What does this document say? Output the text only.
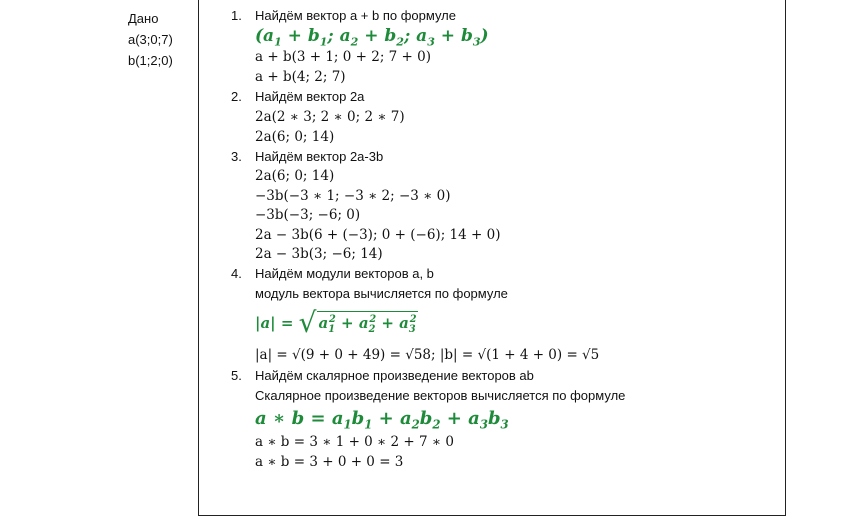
Дано
a(3;0;7)
b(1;2;0)
1. Найдём вектор a + b по формуле
($a_1 + b_1$; $a_2 + b_2$; $a_3 + b_3$)
a + b(3 + 1; 0 + 2; 7 + 0)
a + b(4; 2; 7)
2. Найдём вектор 2a
2a(2 ∗ 3; 2 ∗ 0; 2 ∗ 7)
2a(6; 0; 14)
3. Найдём вектор 2a-3b
2a(6; 0; 14)
−3b(−3 ∗ 1; −3 ∗ 2; −3 ∗ 0)
−3b(−3; −6; 0)
2a − 3b(6 + (−3); 0 + (−6); 14 + 0)
2a − 3b(3; −6; 14)
4. Найдём модули векторов a, b
модуль вектора вычисляется по формуле
|a| = √ $a_1^2 + a_2^2 + a_3^2$
|a| = √(9 + 0 + 49) = √58; |b| = √(1 + 4 + 0) = √5
5. Найдём скалярное произведение векторов ab
Скалярное произведение векторов вычисляется по формуле
a ∗ $b = a_1b_1 + a_2b_2 + a_3b_3$
a ∗ b = 3 ∗ 1 + 0 ∗ 2 + 7 ∗ 0
a ∗ b = 3 + 0 + 0 = 3
